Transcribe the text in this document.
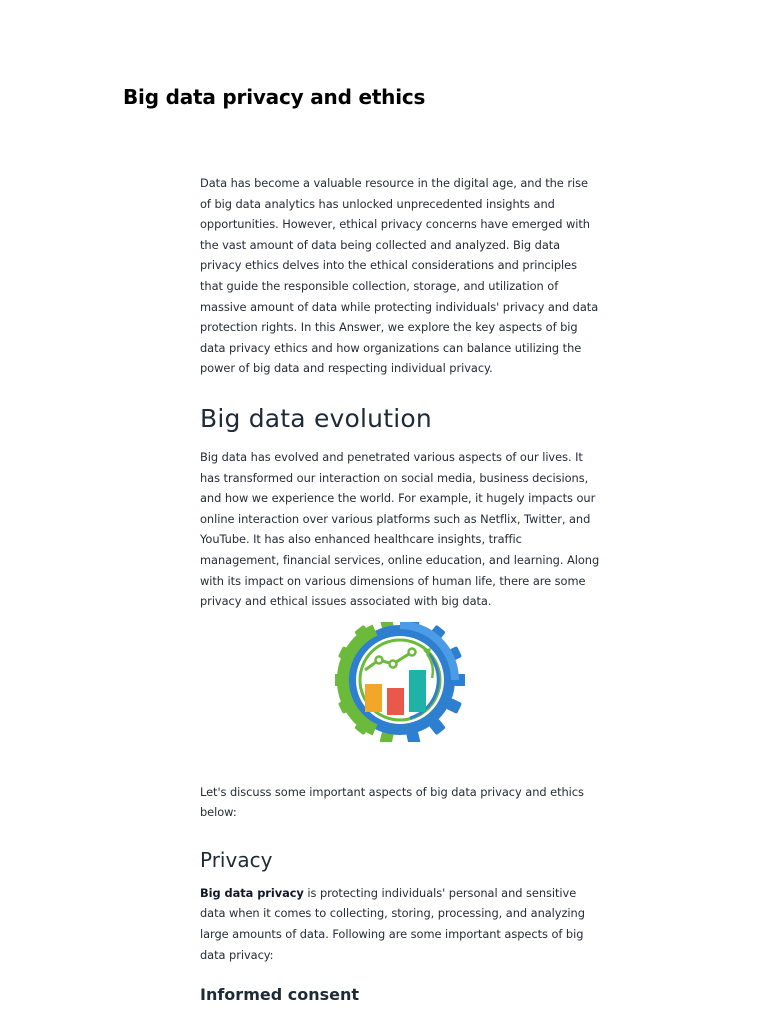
Big data privacy and ethics

Data has become a valuable resource in the digital age, and the rise of big data analytics has unlocked unprecedented insights and opportunities. However, ethical privacy concerns have emerged with the vast amount of data being collected and analyzed. Big data privacy ethics delves into the ethical considerations and principles that guide the responsible collection, storage, and utilization of massive amount of data while protecting individuals' privacy and data protection rights. In this Answer, we explore the key aspects of big data privacy ethics and how organizations can balance utilizing the power of big data and respecting individual privacy.

Big data evolution

Big data has evolved and penetrated various aspects of our lives. It has transformed our interaction on social media, business decisions, and how we experience the world. For example, it hugely impacts our online interaction over various platforms such as Netflix, Twitter, and YouTube. It has also enhanced healthcare insights, traffic management, financial services, online education, and learning. Along with its impact on various dimensions of human life, there are some privacy and ethical issues associated with big data.

Let's discuss some important aspects of big data privacy and ethics below:

Privacy

Big data privacy is protecting individuals' personal and sensitive data when it comes to collecting, storing, processing, and analyzing large amounts of data. Following are some important aspects of big data privacy:

Informed consent
